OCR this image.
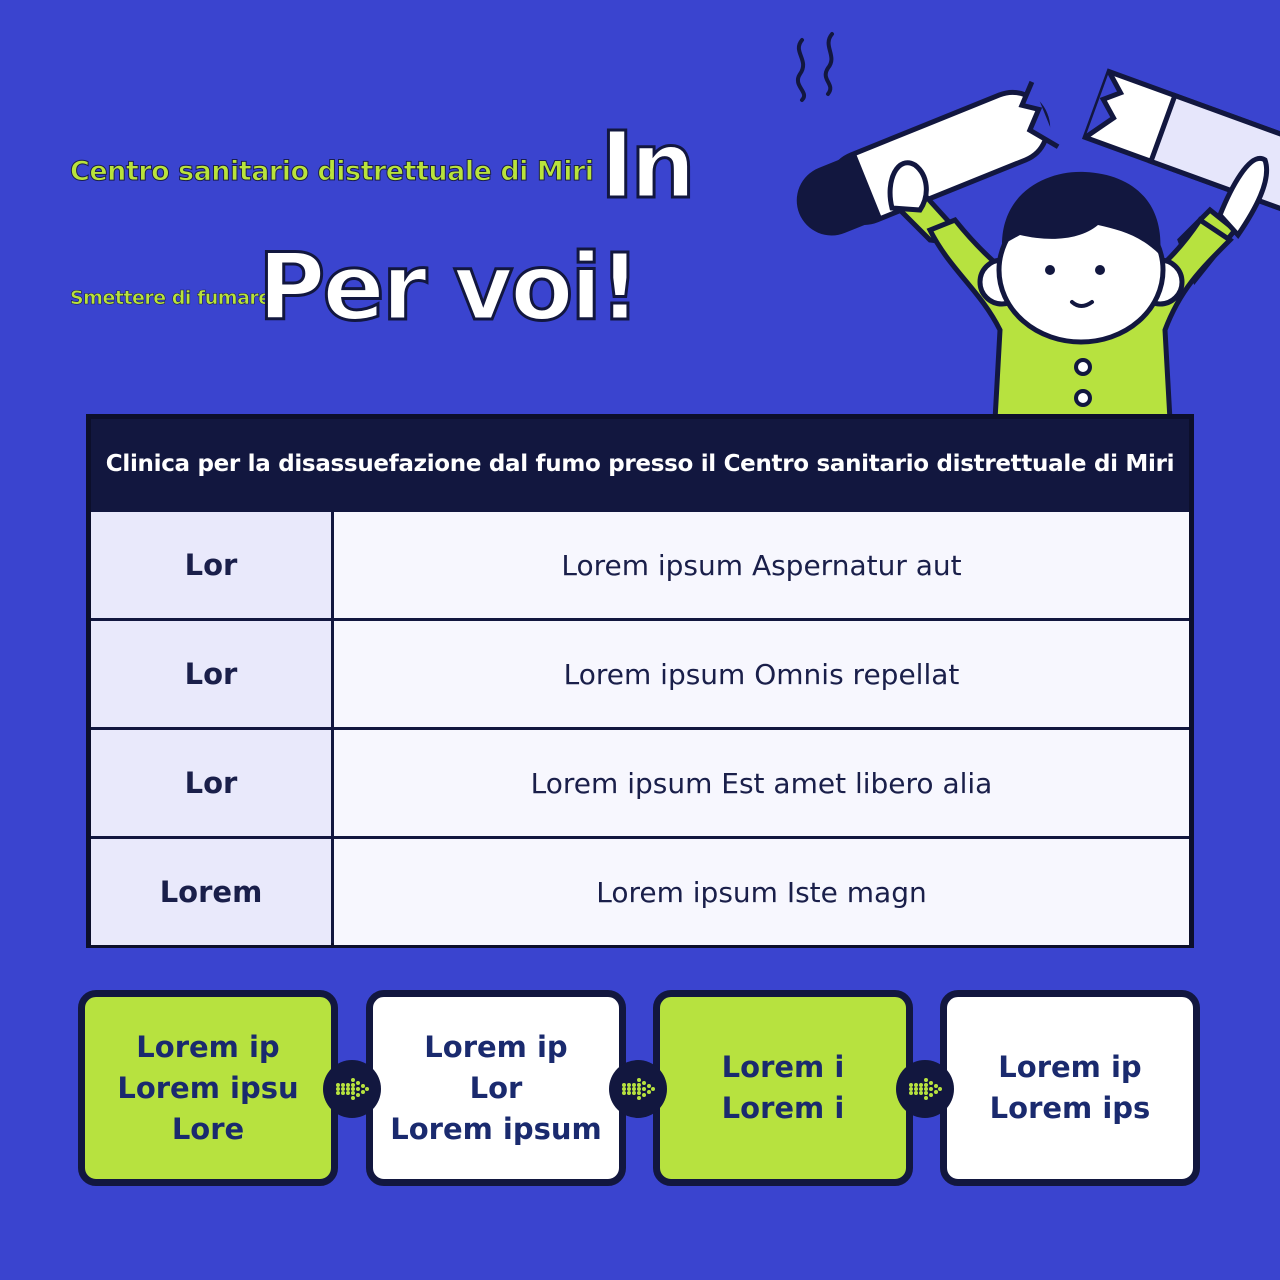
Centro sanitario distrettuale di Miri In
Smettere di fumare
Per voi!
Clinica per la disassuefazione dal fumo presso il Centro sanitario distrettuale di Miri
Lor	Lorem ipsum Aspernatur aut
Lor	Lorem ipsum Omnis repellat
Lor	Lorem ipsum Est amet libero alia
Lorem	Lorem ipsum Iste magn
Lorem ip
Lorem ipsu
Lore
Lorem ip
Lor
Lorem ipsum
Lorem i
Lorem i
Lorem ip
Lorem ips
